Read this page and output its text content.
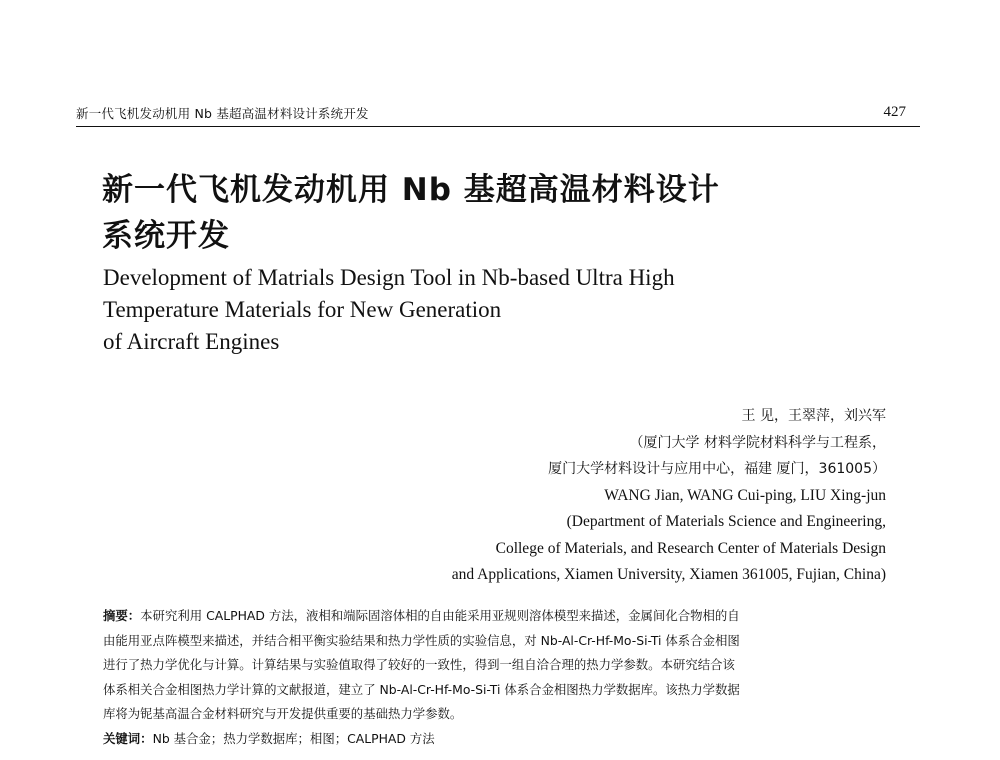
新一代飞机发动机用 Nb 基超高温材料设计系统开发	427
新一代飞机发动机用 Nb 基超高温材料设计
系统开发
Development of Matrials Design Tool in Nb-based Ultra High
Temperature Materials for New Generation
of Aircraft Engines
王 见，王翠萍，刘兴军
（厦门大学 材料学院材料科学与工程系，
厦门大学材料设计与应用中心，福建 厦门，361005）
WANG Jian, WANG Cui-ping, LIU Xing-jun
(Department of Materials Science and Engineering,
College of Materials, and Research Center of Materials Design
and Applications, Xiamen University, Xiamen 361005, Fujian, China)
摘要：本研究利用 CALPHAD 方法，液相和端际固溶体相的自由能采用亚规则溶体模型来描述，金属间化合物相的自
由能用亚点阵模型来描述，并结合相平衡实验结果和热力学性质的实验信息，对 Nb-Al-Cr-Hf-Mo-Si-Ti 体系合金相图
进行了热力学优化与计算。计算结果与实验值取得了较好的一致性，得到一组自洽合理的热力学参数。本研究结合该
体系相关合金相图热力学计算的文献报道，建立了 Nb-Al-Cr-Hf-Mo-Si-Ti 体系合金相图热力学数据库。该热力学数据
库将为铌基高温合金材料研究与开发提供重要的基础热力学参数。
关键词：Nb 基合金；热力学数据库；相图；CALPHAD 方法
